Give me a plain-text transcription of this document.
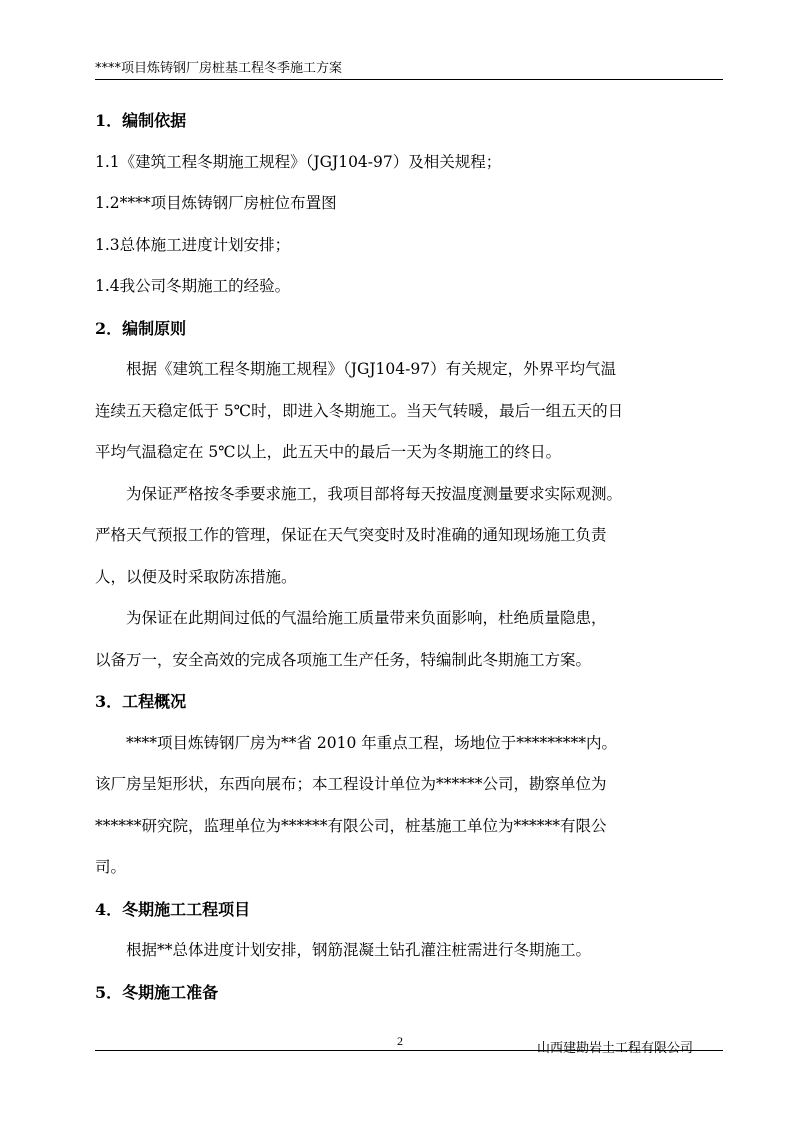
****项目炼铸钢厂房桩基工程冬季施工方案
1．编制依据
1.1《建筑工程冬期施工规程》（JGJ104-97）及相关规程；
1.2****项目炼铸钢厂房桩位布置图
1.3总体施工进度计划安排；
1.4我公司冬期施工的经验。
2．编制原则
根据《建筑工程冬期施工规程》（JGJ104-97）有关规定，外界平均气温
连续五天稳定低于 5℃时，即进入冬期施工。当天气转暖，最后一组五天的日
平均气温稳定在 5℃以上，此五天中的最后一天为冬期施工的终日。
为保证严格按冬季要求施工，我项目部将每天按温度测量要求实际观测。
严格天气预报工作的管理，保证在天气突变时及时准确的通知现场施工负责
人，以便及时采取防冻措施。
为保证在此期间过低的气温给施工质量带来负面影响，杜绝质量隐患，
以备万一，安全高效的完成各项施工生产任务，特编制此冬期施工方案。
3．工程概况
****项目炼铸钢厂房为**省 2010 年重点工程，场地位于*********内。
该厂房呈矩形状，东西向展布；本工程设计单位为******公司，勘察单位为
******研究院，监理单位为******有限公司，桩基施工单位为******有限公
司。
4．冬期施工工程项目
根据**总体进度计划安排，钢筋混凝土钻孔灌注桩需进行冬期施工。
5．冬期施工准备
2	山西建勘岩土工程有限公司
